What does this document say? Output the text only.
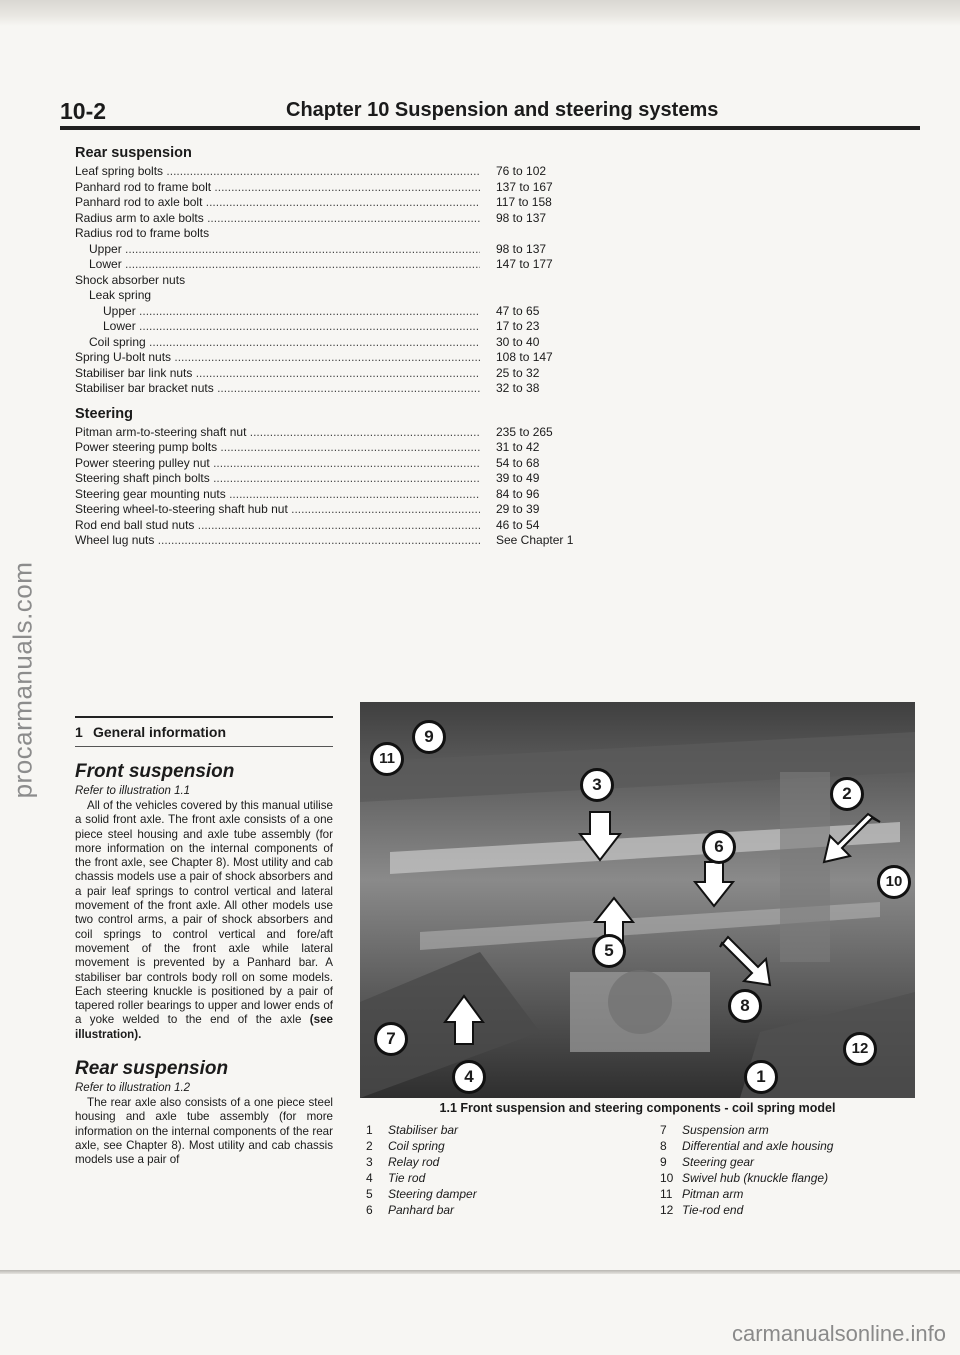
procarmanuals.com
10-2	Chapter 10 Suspension and steering systems
Rear suspension
Leaf spring bolts .....	76 to 102
Panhard rod to frame bolt .....	137 to 167
Panhard rod to axle bolt .....	117 to 158
Radius arm to axle bolts .....	98 to 137
Radius rod to frame bolts
Upper .....	98 to 137
Lower .....	147 to 177
Shock absorber nuts
Leak spring
Upper .....	47 to 65
Lower .....	17 to 23
Coil spring .....	30 to 40
Spring U-bolt nuts .....	108 to 147
Stabiliser bar link nuts .....	25 to 32
Stabiliser bar bracket nuts .....	32 to 38
Steering
Pitman arm-to-steering shaft nut .....	235 to 265
Power steering pump bolts .....	31 to 42
Power steering pulley nut .....	54 to 68
Steering shaft pinch bolts .....	39 to 49
Steering gear mounting nuts .....	84 to 96
Steering wheel-to-steering shaft hub nut .....	29 to 39
Rod end ball stud nuts .....	46 to 54
Wheel lug nuts .....	See Chapter 1
1 General information
Front suspension
Refer to illustration 1.1
All of the vehicles covered by this manual utilise a solid front axle. The front axle consists of a one piece steel housing and axle tube assembly (for more information on the internal components of the front axle, see Chapter 8). Most utility and cab chassis models use a pair of shock absorbers and a pair leaf springs to control vertical and lateral movement of the front axle. All other models use two control arms, a pair of shock absorbers and coil springs to control vertical and fore/aft movement of the front axle while lateral movement is prevented by a Panhard bar. A stabiliser bar controls body roll on some models. Each steering knuckle is positioned by a pair of tapered roller bearings to upper and lower ends of a yoke welded to the end of the axle (see illustration).
Rear suspension
Refer to illustration 1.2
The rear axle also consists of a one piece steel housing and axle tube assembly (for more information on the internal components of the rear axle, see Chapter 8). Most utility and cab chassis models use a pair of
9
11
3	2
6
10
5
8
7
4	1
12
1.1 Front suspension and steering components - coil spring model
1 Stabiliser bar
2 Coil spring
3 Relay rod
4 Tie rod
5 Steering damper
6 Panhard bar
7 Suspension arm
8 Differential and axle housing
9 Steering gear
10 Swivel hub (knuckle flange)
11 Pitman arm
12 Tie-rod end
carmanualsonline.info
